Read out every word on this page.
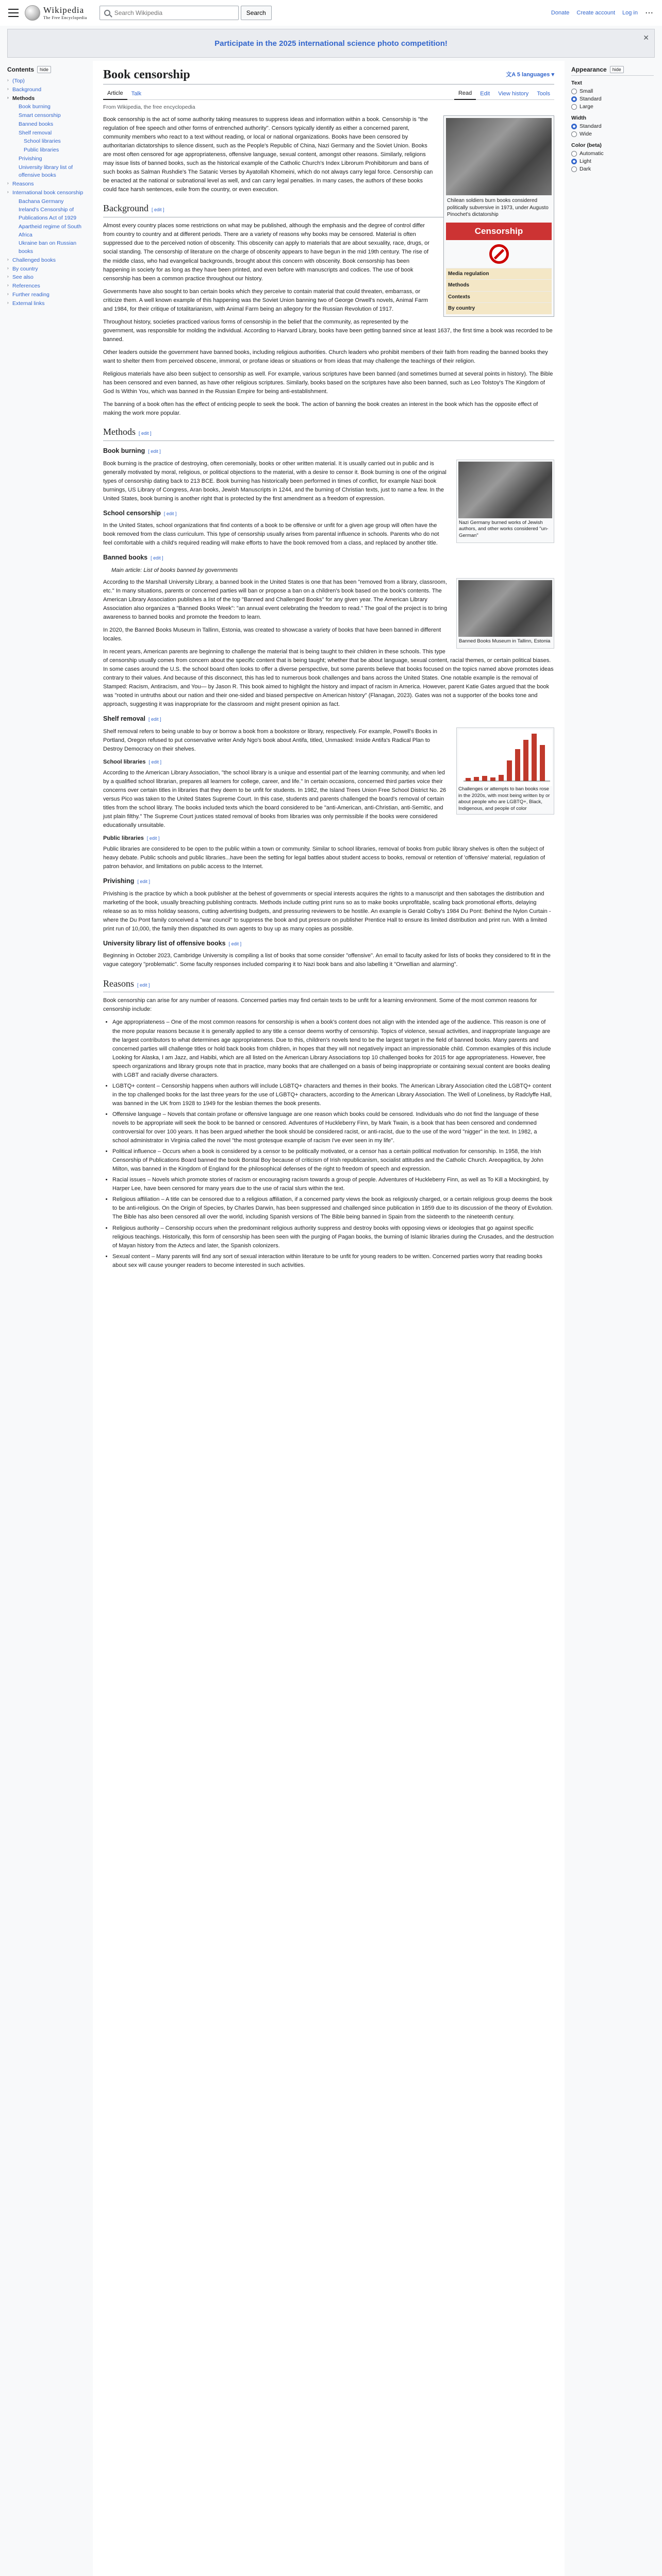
Wikipedia
The Free Encyclopedia
Search Wikipedia
Search	Donate Create account Log in ⋯
Participate in the 2025 international science photo competition!
✕
Contents	hide
› (Top)
› Background
› Methods
Book burning
Smart censorship
Banned books
Shelf removal
School libraries
Public libraries
Privishing
University library list of offensive books
› Reasons
› International book censorship
Bachana Germany
Ireland's Censorship of Publications Act of 1929
Apartheid regime of South Africa
Ukraine ban on Russian books
› Challenged books
› By country
› See also
› References
› Further reading
› External links
Appearance	hide
Text
Small
Standard
Large
Width
Standard
Wide
Color (beta)
Automatic
Light
Dark
Book censorship	文A 5 languages ▾
Article	Talk	Read	Edit	View history	Tools
From Wikipedia, the free encyclopedia
Chilean soldiers burn books considered politically subversive in 1973, under Augusto Pinochet's dictatorship
Censorship
Media regulation
Methods
Contexts
By country

Book censorship is the act of some authority taking measures to suppress ideas and information within a book. Censorship is "the regulation of free speech and other forms of entrenched authority". Censors typically identify as either a concerned parent, community members who react to a text without reading, or local or national organizations. Books have been censored by authoritarian dictatorships to silence dissent, such as the People's Republic of China, Nazi Germany and the Soviet Union. Books are most often censored for age appropriateness, offensive language, sexual content, amongst other reasons. Similarly, religions may issue lists of banned books, such as the historical example of the Catholic Church's Index Librorum Prohibitorum and bans of such books as Salman Rushdie's The Satanic Verses by Ayatollah Khomeini, which do not always carry legal force. Censorship can be enacted at the national or subnational level as well, and can carry legal penalties. In many cases, the authors of these books could face harsh sentences, exile from the country, or even execution.

Background [ edit ]

Almost every country places some restrictions on what may be published, although the emphasis and the degree of control differ from country to country and at different periods. There are a variety of reasons why books may be censored. Material is often suppressed due to the perceived notion of obscenity. This obscenity can apply to materials that are about sexuality, race, drugs, or social standing. The censorship of literature on the charge of obscenity appears to have begun in the mid 19th century. The rise of the middle class, who had evangelical backgrounds, brought about this concern with obscenity. Book censorship has been happening in society for as long as they have been printed, and even before with manuscripts and codices. The use of book censorship has been a common practice throughout our history.

Governments have also sought to ban certain books which they perceive to contain material that could threaten, embarrass, or criticize them. A well known example of this happening was the Soviet Union banning two of George Orwell's novels, Animal Farm and 1984, for their critique of totalitarianism, with Animal Farm being an allegory for the Russian Revolution of 1917.

Throughout history, societies practiced various forms of censorship in the belief that the community, as represented by the government, was responsible for molding the individual. According to Harvard Library, books have been getting banned since at least 1637, the first time a book was recorded to be banned.

Other leaders outside the government have banned books, including religious authorities. Church leaders who prohibit members of their faith from reading the banned books they want to shelter them from perceived obscene, immoral, or profane ideas or situations or from ideas that may challenge the teachings of their religion.

Religious materials have also been subject to censorship as well. For example, various scriptures have been banned (and sometimes burned at several points in history). The Bible has been censored and even banned, as have other religious scriptures. Similarly, books based on the scriptures have also been banned, such as Leo Tolstoy's The Kingdom of God Is Within You, which was banned in the Russian Empire for being anti-establishment.

The banning of a book often has the effect of enticing people to seek the book. The action of banning the book creates an interest in the book which has the opposite effect of making the work more popular.

Methods [ edit ]
Book burning [ edit ]
Nazi Germany burned works of Jewish authors, and other works considered "un-German"

Book burning is the practice of destroying, often ceremonially, books or other written material. It is usually carried out in public and is generally motivated by moral, religious, or political objections to the material, with a desire to censor it. Book burning is one of the original types of censorship dating back to 213 BCE. Book burning has historically been performed in times of conflict, for example Nazi book burnings, US Library of Congress, Aran books, Jewish Manuscripts in 1244, and the burning of Christian texts, just to name a few. In the United States, book burning is another right that is protected by the first amendment as a freedom of expression.

School censorship [ edit ]

In the United States, school organizations that find contents of a book to be offensive or unfit for a given age group will often have the book removed from the class curriculum. This type of censorship usually arises from parental influence in schools. Parents who do not feel comfortable with a child's required reading will make efforts to have the book removed from a class, and replaced by another title.

Banned books [ edit ]
Main article: List of books banned by governments
Banned Books Museum in Tallinn, Estonia

According to the Marshall University Library, a banned book in the United States is one that has been "removed from a library, classroom, etc." In many situations, parents or concerned parties will ban or propose a ban on a children's book based on the book's contents. The American Library Association publishes a list of the top "Banned and Challenged Books" for any given year. The American Library Association also organizes a "Banned Books Week": "an annual event celebrating the freedom to read." The goal of the project is to bring awareness to banned books and promote the freedom to learn.

In 2020, the Banned Books Museum in Tallinn, Estonia, was created to showcase a variety of books that have been banned in different locales.

In recent years, American parents are beginning to challenge the material that is being taught to their children in these schools. This type of censorship usually comes from concern about the specific content that is being taught; whether that be about language, sexual content, racial themes, or certain political biases. In some cases around the U.S. the school board often looks to offer a diverse perspective, but some parents believe that books focused on the topics named above promotes ideas contrary to their values. And because of this disconnect, this has led to numerous book challenges and bans across the United States. One notable example is the removal of Stamped: Racism, Antiracism, and You— by Jason R. This book aimed to highlight the history and impact of racism in America. However, parent Katie Gates argued that the book was "rooted in untruths about our nation and their one-sided and biased perspective on American history" (Flanagan, 2023). Gates was not a supporter of the books tone and approach, suggesting it was inappropriate for the classroom and might present opinion as fact.

Shelf removal [ edit ]
Challenges or attempts to ban books rose in the 2020s, with most being written by or about people who are LGBTQ+, Black, Indigenous, and people of color

Shelf removal refers to being unable to buy or borrow a book from a bookstore or library, respectively. For example, Powell's Books in Portland, Oregon refused to put conservative writer Andy Ngo's book about Antifa, titled, Unmasked: Inside Antifa's Radical Plan to Destroy Democracy on their shelves.

School libraries [ edit ]

According to the American Library Association, "the school library is a unique and essential part of the learning community, and when led by a qualified school librarian, prepares all learners for college, career, and life." In certain occasions, concerned third parties voice their concerns over certain titles in libraries that they deem to be unfit for students. In 1982, the Island Trees Union Free School District No. 26 versus Pico was taken to the United States Supreme Court. In this case, students and parents challenged the board's removal of certain titles from the school library. The books included texts which the board considered to be "anti-American, anti-Christian, anti-Semitic, and just plain filthy." The Supreme Court justices stated removal of books from libraries was only permissible if the books were considered educationally unsuitable.

Public libraries [ edit ]

Public libraries are considered to be open to the public within a town or community. Similar to school libraries, removal of books from public library shelves is often the subject of heavy debate. Public schools and public libraries...have been the setting for legal battles about student access to books, removal or retention of 'offensive' material, regulation of patron behavior, and limitations on public access to the Internet.

Privishing [ edit ]

Privishing is the practice by which a book publisher at the behest of governments or special interests acquires the rights to a manuscript and then sabotages the distribution and marketing of the book, usually breaching publishing contracts. Methods include cutting print runs so as to make books unprofitable, scaling back promotional efforts, delaying release so as to miss holiday seasons, cutting advertising budgets, and pressuring reviewers to be hostile. An example is Gerald Colby's 1984 Du Pont: Behind the Nylon Curtain - where the Du Pont family conceived a "war council" to suppress the book and put pressure on publisher Prentice Hall to ensure its limited distribution and print run. With a limited print run of 10,000, the family then dispatched its own agents to buy up as many copies as possible.

University library list of offensive books [ edit ]

Beginning in October 2023, Cambridge University is compiling a list of books that some consider "offensive". An email to faculty asked for lists of books they considered to fit in the vague category "problematic". Some faculty responses included comparing it to Nazi book bans and also labelling it "Orwellian and alarming".

Reasons [ edit ]

Book censorship can arise for any number of reasons. Concerned parties may find certain texts to be unfit for a learning environment. Some of the most common reasons for censorship include:

• Age appropriateness – One of the most common reasons for censorship is when a book's content does not align with the intended age of the audience. This reason is one of the more popular reasons because it is generally applied to any title a censor deems worthy of censorship. Topics of violence, sexual activities, and inappropriate language are the largest contributors to what determines age appropriateness. Due to this, children's novels tend to be the largest target in the field of banned books. Many parents and concerned parties will challenge titles or hold back books from children, in hopes that they will not negatively impact an impressionable child. Common examples of this include Looking for Alaska, I am Jazz, and Habibi, which are all listed on the American Library Associations top 10 challenged books for 2015 for age appropriateness. However, free speech organizations and library groups note that in practice, many books that are challenged on a basis of being inappropriate or containing sexual content are books dealing with LGBT and racially diverse characters.
• LGBTQ+ content – Censorship happens when authors will include LGBTQ+ characters and themes in their books. The American Library Association cited the LGBTQ+ content in the top challenged books for the last three years for the use of LGBTQ+ characters, according to the American Library Association. The Well of Loneliness, by Radclyffe Hall, was banned in the UK from 1928 to 1949 for the lesbian themes the book presents.
• Offensive language – Novels that contain profane or offensive language are one reason which books could be censored. Individuals who do not find the language of these novels to be appropriate will seek the book to be banned or censored. Adventures of Huckleberry Finn, by Mark Twain, is a book that has been censored and condemned controversial for over 100 years. It has been argued whether the book should be considered racist, or anti-racist, due to the use of the word "nigger" in the text. In 1982, a school administrator in Virginia called the novel "the most grotesque example of racism I've ever seen in my life".
• Political influence – Occurs when a book is considered by a censor to be politically motivated, or a censor has a certain political motivation for censorship. In 1958, the Irish Censorship of Publications Board banned the book Borstal Boy because of criticism of Irish republicanism, socialist attitudes and the Catholic Church. Areopagitica, by John Milton, was banned in the Kingdom of England for the philosophical defenses of the right to freedom of speech and expression.
• Racial issues – Novels which promote stories of racism or encouraging racism towards a group of people. Adventures of Huckleberry Finn, as well as To Kill a Mockingbird, by Harper Lee, have been censored for many years due to the use of racial slurs within the text.
• Religious affiliation – A title can be censored due to a religious affiliation, if a concerned party views the book as religiously charged, or a certain religious group deems the book to be anti-religious. On the Origin of Species, by Charles Darwin, has been suppressed and challenged since publication in 1859 due to its discussion of the theory of Evolution. The Bible has also been censored all over the world, including Spanish versions of The Bible being banned in Spain from the sixteenth to the nineteenth century.
• Religious authority – Censorship occurs when the predominant religious authority suppress and destroy books with opposing views or ideologies that go against specific religious teachings. Historically, this form of censorship has been seen with the purging of Pagan books, the burning of Islamic libraries during the Crusades, and the destruction of Mayan history from the Aztecs and later, the Spanish colonizers.
• Sexual content – Many parents will find any sort of sexual interaction within literature to be unfit for young readers to be written. Concerned parties worry that reading books about sex will cause younger readers to become interested in such activities.
